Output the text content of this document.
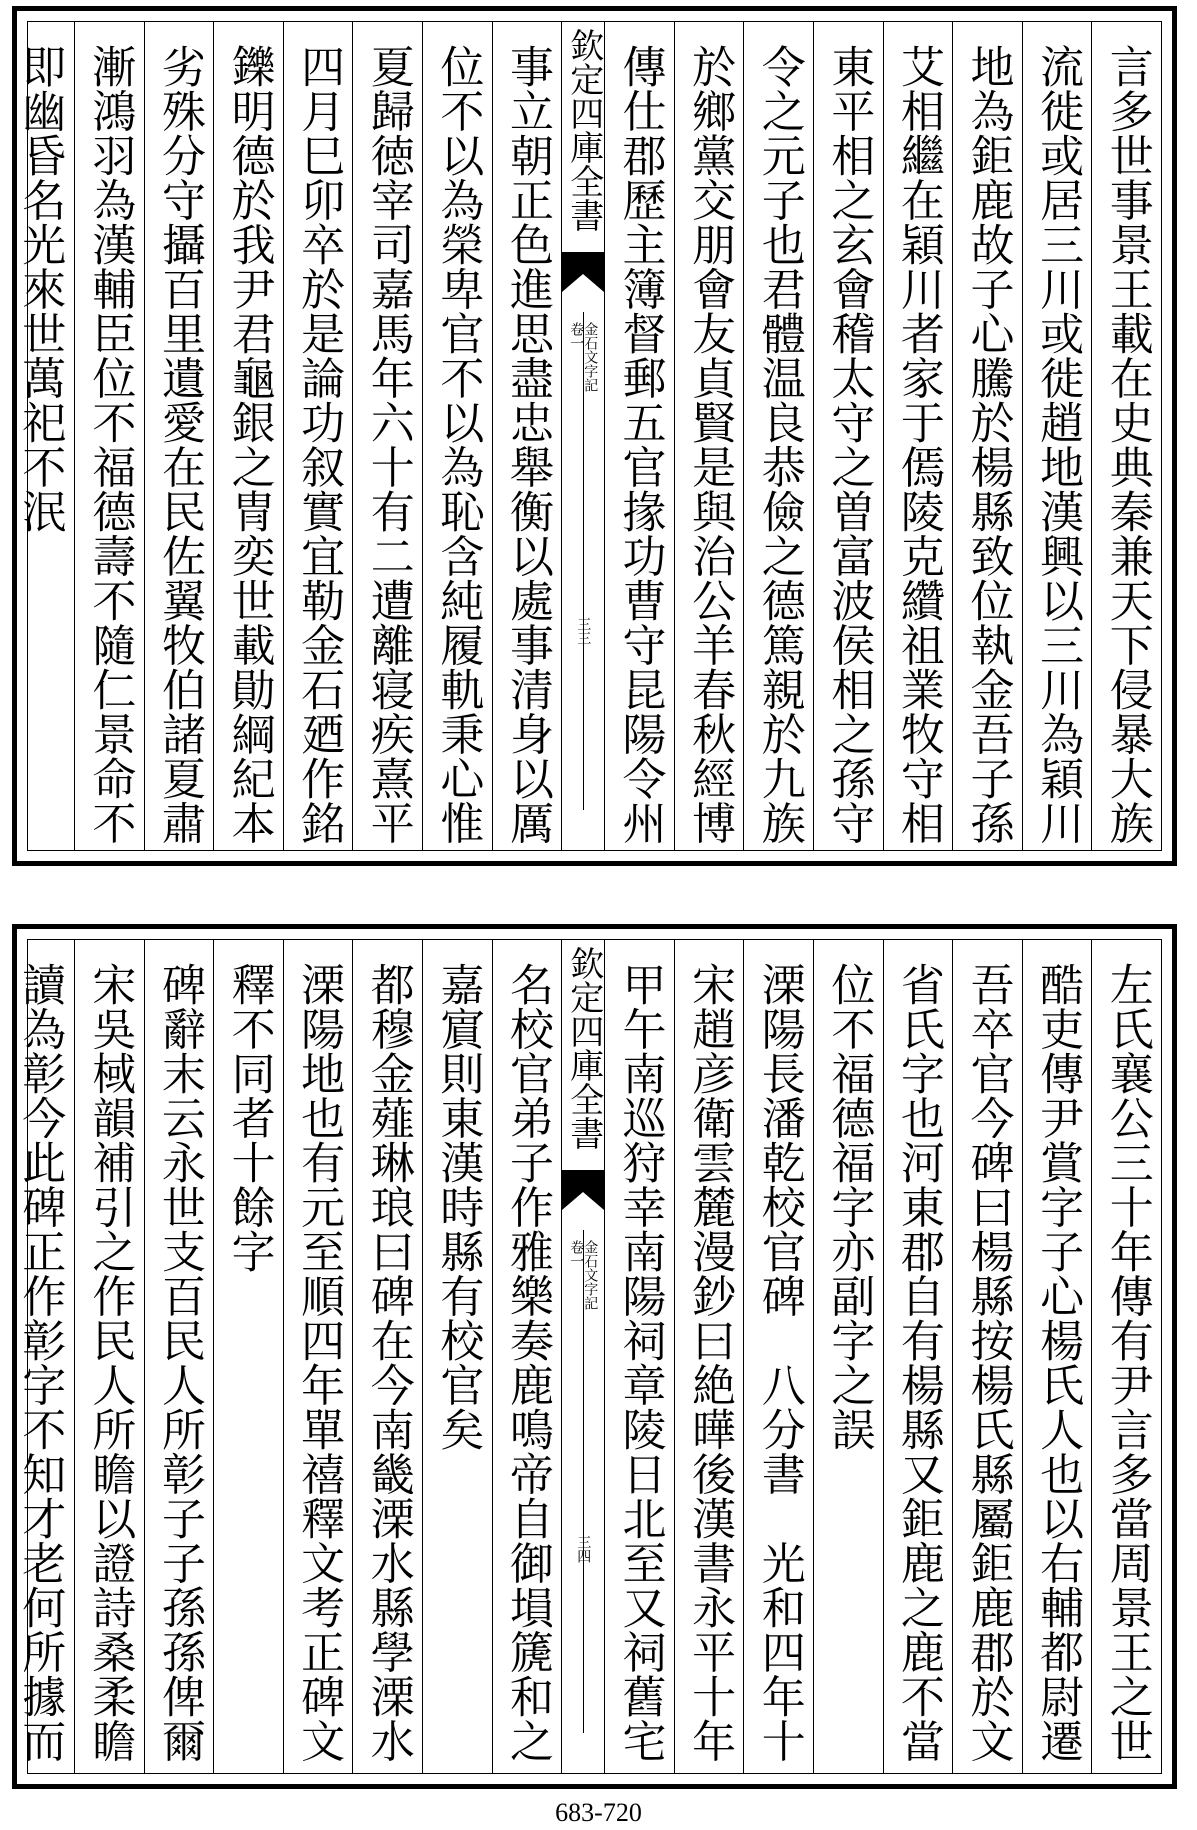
言多世事景王載在史典秦兼天下侵暴大族
流徙或居三川或徙趙地漢興以三川為穎川
地為鉅鹿故子心騰於楊縣致位執金吾子孫
艾相繼在穎川者家于傿陵克纘祖業牧守相
東平相之玄會稽太守之曽富波侯相之孫守
令之元子也君體温良恭儉之德篤親於九族
於鄉黨交朋會友貞賢是與治公羊春秋經博
傳仕郡歷主簿督郵五官掾功曹守昆陽令州
欽定四庫全書
金石文字記
卷一
三三
事立朝正色進思盡忠舉衡以處事清身以厲
位不以為榮卑官不以為恥含純履軌秉心惟
夏歸徳宰司嘉馬年六十有二遭離寝疾熹平
四月巳卯卒於是論功叙實宜勒金石廼作銘
鑠明德於我尹君龜銀之冑奕世載勛綱紀本
劣殊分守攝百里遺愛在民佐翼牧伯諸夏肅
漸鴻羽為漢輔臣位不福德壽不隨仁景命不
即幽昏名光來世萬祀不泯
左氏襄公三十年傳有尹言多當周景王之世
酷吏傳尹賞字子心楊氏人也以右輔都尉遷
吾卒官今碑曰楊縣按楊氏縣屬鉅鹿郡於文
省氏字也河東郡自有楊縣又鉅鹿之鹿不當
位不福德福字亦副字之誤
溧陽長潘乾校官碑　八分書　光和四年十
宋趙彦衛雲麓漫鈔曰絶曄後漢書永平十年
甲午南巡狩幸南陽祠章陵日北至又祠舊宅
欽定四庫全書
金石文字記
卷一
三四
名校官弟子作雅樂奏鹿鳴帝自御塤篪和之
嘉賔則東漢時縣有校官矣
都穆金薤琳琅曰碑在今南畿溧水縣學溧水
溧陽地也有元至順四年單禧釋文考正碑文
釋不同者十餘字
碑辭末云永世支百民人所彰子子孫孫俾爾
宋吳棫韻補引之作民人所瞻以證詩桑柔瞻
讀為彰今此碑正作彰字不知才老何所據而
683-720
